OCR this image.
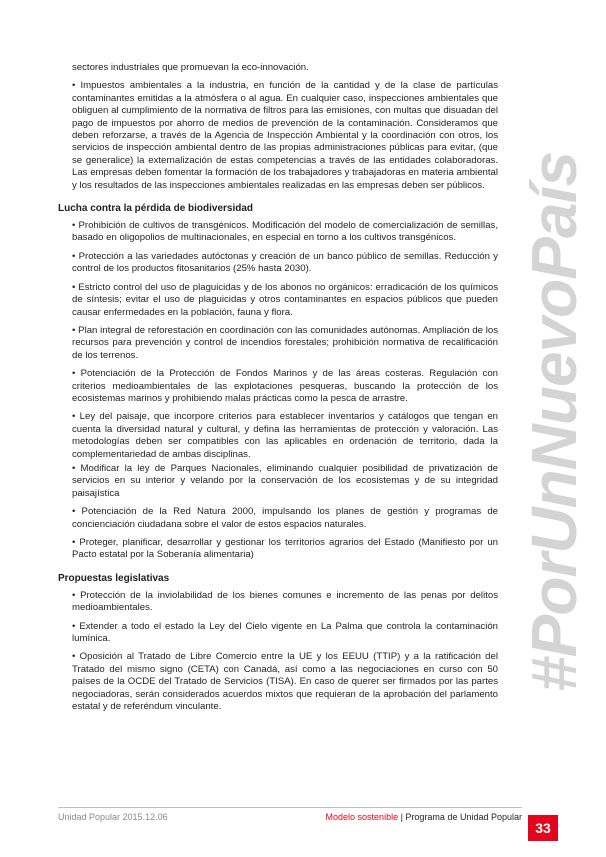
sectores industriales que promuevan la eco-innovación.

• Impuestos ambientales a la industria, en función de la cantidad y de la clase de partículas contaminantes emitidas a la atmósfera o al agua. En cualquier caso, inspecciones ambientales que obliguen al cumplimiento de la normativa de filtros para las emisiones, con multas que disuadan del pago de impuestos por ahorro de medios de prevención de la contaminación. Consideramos que deben reforzarse, a través de la Agencia de Inspección Ambiental y la coordinación con otros, los servicios de inspección ambiental dentro de las propias administraciones públicas para evitar, (que se generalice) la externalización de estas competencias a través de las entidades colaboradoras. Las empresas deben fomentar la formación de los trabajadores y trabajadoras en materia ambiental y los resultados de las inspecciones ambientales realizadas en las empresas deben ser públicos.

Lucha contra la pérdida de biodiversidad

• Prohibición de cultivos de transgénicos. Modificación del modelo de comercialización de semillas, basado en oligopolios de multinacionales, en especial en torno a los cultivos transgénicos.

• Protección a las variedades autóctonas y creación de un banco público de semillas. Reducción y control de los productos fitosanitarios (25% hasta 2030).

• Estricto control del uso de plaguicidas y de los abonos no orgánicos: erradicación de los químicos de síntesis; evitar el uso de plaguicidas y otros contaminantes en espacios públicos que pueden causar enfermedades en la población, fauna y flora.

• Plan integral de reforestación en coordinación con las comunidades autónomas. Ampliación de los recursos para prevención y control de incendios forestales; prohibición normativa de recalificación de los terrenos.

• Potenciación de la Protección de Fondos Marinos y de las áreas costeras. Regulación con criterios medioambientales de las explotaciones pesqueras, buscando la protección de los ecosistemas marinos y prohibiendo malas prácticas como la pesca de arrastre.

• Ley del paisaje, que incorpore criterios para establecer inventarios y catálogos que tengan en cuenta la diversidad natural y cultural, y defina las herramientas de protección y valoración. Las metodologías deben ser compatibles con las aplicables en ordenación de territorio, dada la complementariedad de ambas disciplinas.

• Modificar la ley de Parques Nacionales, eliminando cualquier posibilidad de privatización de servicios en su interior y velando por la conservación de los ecosistemas y de su integridad paisajística

• Potenciación de la Red Natura 2000, impulsando los planes de gestión y programas de concienciación ciudadana sobre el valor de estos espacios naturales.

• Proteger, planificar, desarrollar y gestionar los territorios agrarios del Estado (Manifiesto por un Pacto estatal por la Soberanía alimentaria)

Propuestas legislativas

• Protección de la inviolabilidad de los bienes comunes e incremento de las penas por delitos medioambientales.

• Extender a todo el estado la Ley del Cielo vigente en La Palma que controla la contaminación lumínica.

• Oposición al Tratado de Libre Comercio entre la UE y los EEUU (TTIP) y a la ratificación del Tratado del mismo signo (CETA) con Canadá, así como a las negociaciones en curso con 50 países de la OCDE del Tratado de Servicios (TISA). En caso de querer ser firmados por las partes negociadoras, serán considerados acuerdos mixtos que requieran de la aprobación del parlamento estatal y de referéndum vinculante.

#PorUnNuevoPaís
Unidad Popular 2015.12.06	Modelo sostenible | Programa de Unidad Popular
33
